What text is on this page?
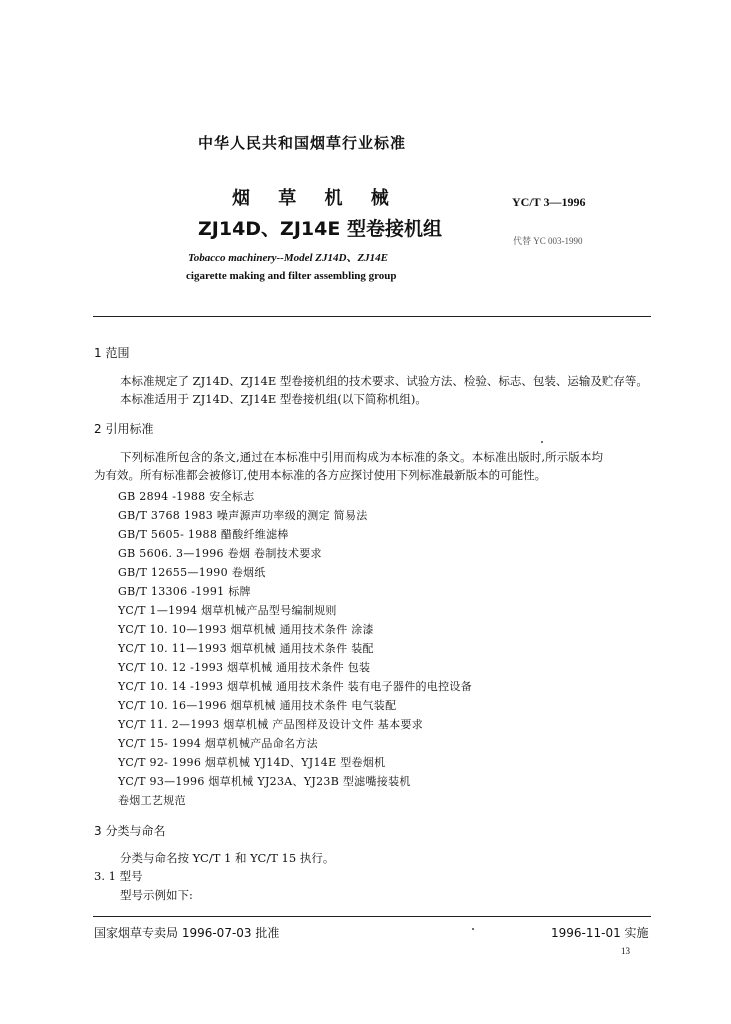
中华人民共和国烟草行业标准
烟 草 机 械
ZJ14D、ZJ14E 型卷接机组
YC/T 3—1996
代替 YC 003-1990
Tobacco machinery--Model ZJ14D、ZJ14E
cigarette making and filter assembling group
1 范围
本标准规定了 ZJ14D、ZJ14E 型卷接机组的技术要求、试验方法、检验、标志、包装、运输及贮存等。
本标准适用于 ZJ14D、ZJ14E 型卷接机组(以下简称机组)。
2 引用标准
下列标准所包含的条文,通过在本标准中引用而构成为本标准的条文。本标准出版时,所示版本均
为有效。所有标准都会被修订,使用本标准的各方应探讨使用下列标准最新版本的可能性。
GB 2894 -1988 安全标志
GB/T 3768 1983 噪声源声功率级的测定 简易法
GB/T 5605- 1988 醋酸纤维滤棒
GB 5606. 3—1996 卷烟 卷制技术要求
GB/T 12655—1990 卷烟纸
GB/T 13306 -1991 标牌
YC/T 1—1994 烟草机械产品型号编制规则
YC/T 10. 10—1993 烟草机械 通用技术条件 涂漆
YC/T 10. 11—1993 烟草机械 通用技术条件 装配
YC/T 10. 12 -1993 烟草机械 通用技术条件 包装
YC/T 10. 14 -1993 烟草机械 通用技术条件 装有电子器件的电控设备
YC/T 10. 16—1996 烟草机械 通用技术条件 电气装配
YC/T 11. 2—1993 烟草机械 产品图样及设计文件 基本要求
YC/T 15- 1994 烟草机械产品命名方法
YC/T 92- 1996 烟草机械 YJ14D、YJ14E 型卷烟机
YC/T 93—1996 烟草机械 YJ23A、YJ23B 型滤嘴接装机
卷烟工艺规范
3 分类与命名
分类与命名按 YC/T 1 和 YC/T 15 执行。
3. 1 型号
型号示例如下:
国家烟草专卖局 1996-07-03 批准	1996-11-01 实施
13
